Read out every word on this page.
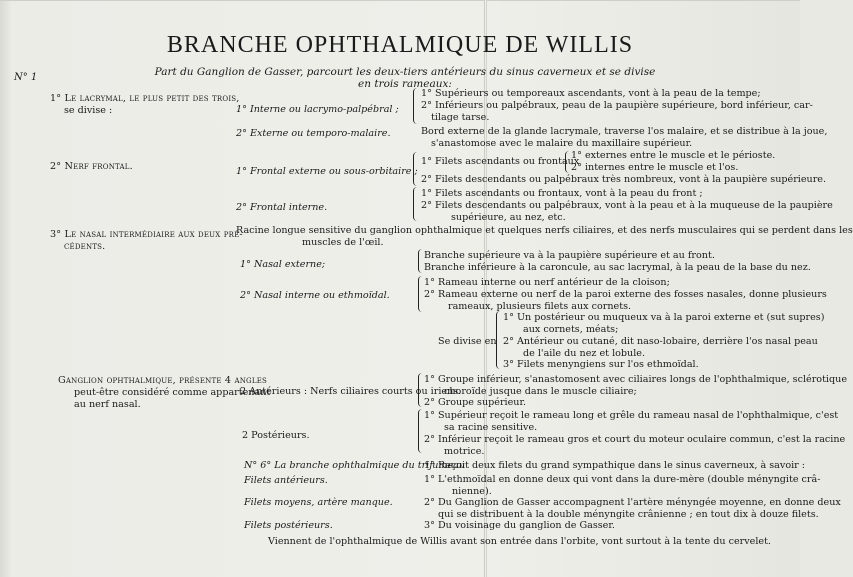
BRANCHE OPHTHALMIQUE DE WILLIS
Part du Ganglion de Gasser, parcourt les deux-tiers antérieurs du sinus caverneux et se divise en trois rameaux:
N° 1
1° Le lacrymal, le plus petit des trois,
se divise :
2° Nerf frontal.
3° Le nasal intermédiaire aux deux pré-
cédents.
Ganglion ophthalmique, présente 4 angles
peut-être considéré comme appartenant
au nerf nasal.
1° Interne ou lacrymo-palpébral ;
2° Externe ou temporo-malaire.
1° Frontal externe ou sous-orbitaire ;
2° Frontal interne.
Racine longue sensitive du ganglion ophthalmique et quelques nerfs ciliaires, et des nerfs musculaires qui se perdent dans les
muscles de l'œil.
1° Nasal externe;
2° Nasal interne ou ethmoïdal.
Se divise en
2 Antérieurs : Nerfs ciliaires courts ou iriens.
2 Postérieurs.
N° 6° La branche ophthalmique du trijumeau
Filets antérieurs.
Filets moyens, artère manque.
Filets postérieurs.
1° Supérieurs ou temporeaux ascendants, vont à la peau de la tempe;
2° Inférieurs ou palpébraux, peau de la paupière supérieure, bord inférieur, car-
tilage tarse.
Bord externe de la glande lacrymale, traverse l'os malaire, et se distribue à la joue,
s'anastomose avec le malaire du maxillaire supérieur.
1° Filets ascendants ou frontaux
1° externes entre le muscle et le périoste.
2° internes entre le muscle et l'os.
2° Filets descendants ou palpébraux très nombreux, vont à la paupière supérieure.
1° Filets ascendants ou frontaux, vont à la peau du front ;
2° Filets descendants ou palpébraux, vont à la peau et à la muqueuse de la paupière
supérieure, au nez, etc.
Branche supérieure va à la paupière supérieure et au front.
Branche inférieure à la caroncule, au sac lacrymal, à la peau de la base du nez.
1° Rameau interne ou nerf antérieur de la cloison;
2° Rameau externe ou nerf de la paroi externe des fosses nasales, donne plusieurs
rameaux, plusieurs filets aux cornets.
1° Un postérieur ou muqueux va à la paroi externe et (sut supres)
aux cornets, méats;
2° Antérieur ou cutané, dit naso-lobaire, derrière l'os nasal peau
de l'aile du nez et lobule.
3° Filets menyngiens sur l'os ethmoïdal.
1° Groupe inférieur, s'anastomosent avec ciliaires longs de l'ophthalmique, sclérotique
choroïde jusque dans le muscle ciliaire;
2° Groupe supérieur.
1° Supérieur reçoit le rameau long et grêle du rameau nasal de l'ophthalmique, c'est
sa racine sensitive.
2° Inférieur reçoit le rameau gros et court du moteur oculaire commun, c'est la racine
motrice.
1° Reçoit deux filets du grand sympathique dans le sinus caverneux, à savoir :
1° L'ethmoïdal en donne deux qui vont dans la dure-mère (double ményngite crâ-
nienne).
2° Du Ganglion de Gasser accompagnent l'artère ményngée moyenne, en donne deux
qui se distribuent à la double ményngite crânienne ; en tout dix à douze filets.
3° Du voisinage du ganglion de Gasser.
Viennent de l'ophthalmique de Willis avant son entrée dans l'orbite, vont surtout à la tente du cervelet.
